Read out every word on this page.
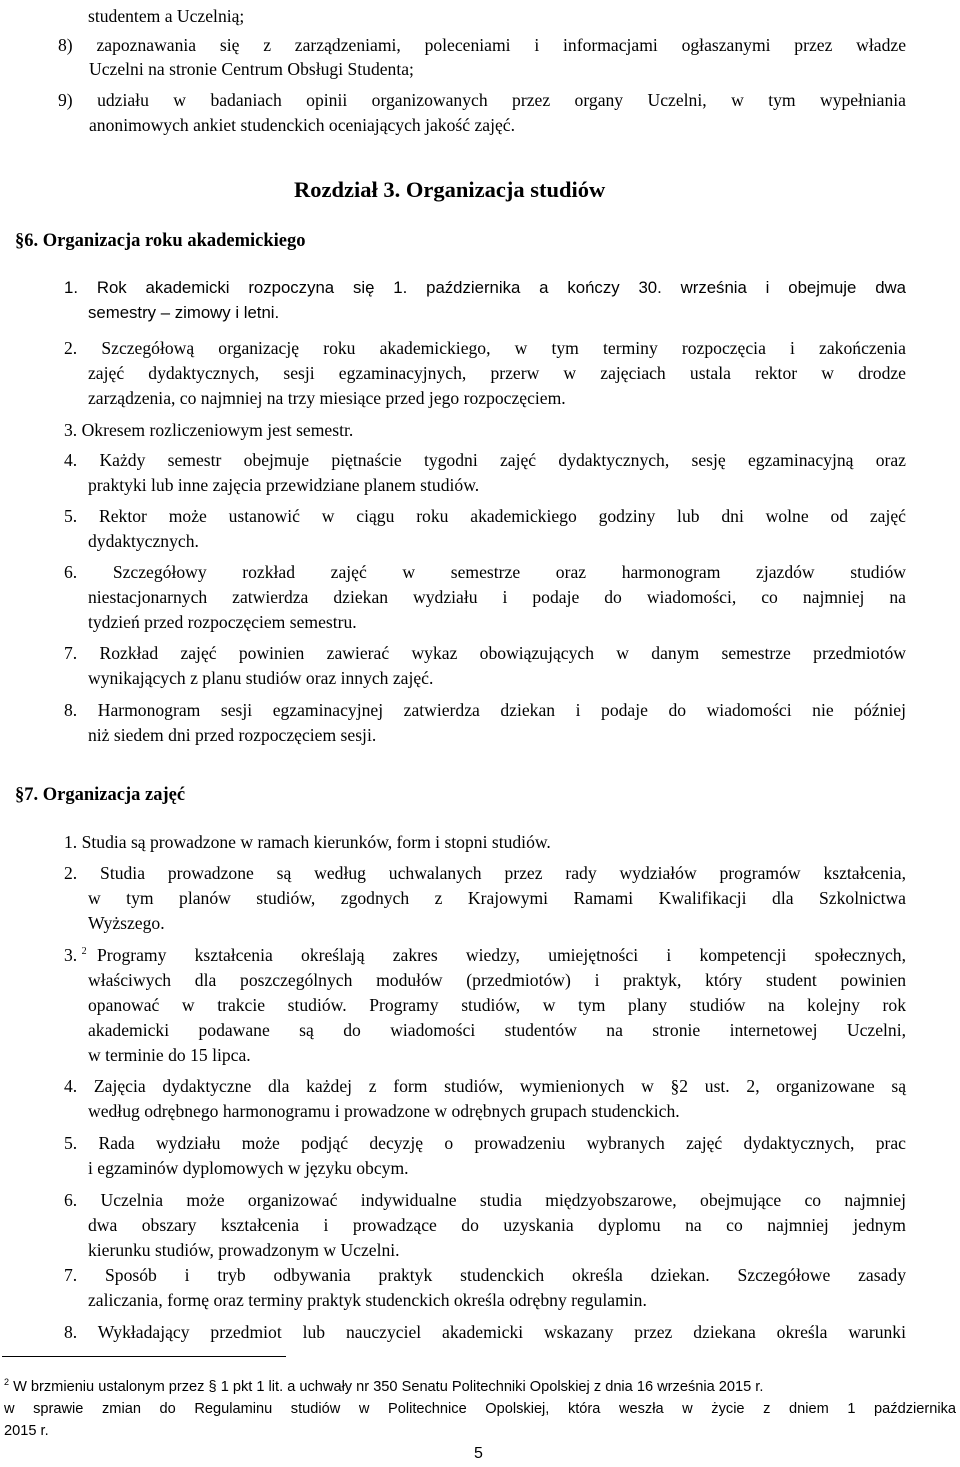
studentem a Uczelnią;
8) zapoznawania się z zarządzeniami, poleceniami i informacjami ogłaszanymi przez władze
Uczelni na stronie Centrum Obsługi Studenta;
9) udziału w badaniach opinii organizowanych przez organy Uczelni, w tym wypełniania
anonimowych ankiet studenckich oceniających jakość zajęć.
Rozdział 3. Organizacja studiów
§6. Organizacja roku akademickiego
1. Rok akademicki rozpoczyna się 1. października a kończy 30. września i obejmuje dwa
semestry – zimowy i letni.
2. Szczegółową organizację roku akademickiego, w tym terminy rozpoczęcia i zakończenia
zajęć dydaktycznych, sesji egzaminacyjnych, przerw w zajęciach ustala rektor w drodze
zarządzenia, co najmniej na trzy miesiące przed jego rozpoczęciem.
3. Okresem rozliczeniowym jest semestr.
4. Każdy semestr obejmuje piętnaście tygodni zajęć dydaktycznych, sesję egzaminacyjną oraz
praktyki lub inne zajęcia przewidziane planem studiów.
5. Rektor może ustanowić w ciągu roku akademickiego godziny lub dni wolne od zajęć
dydaktycznych.
6. Szczegółowy rozkład zajęć w semestrze oraz harmonogram zjazdów studiów
niestacjonarnych zatwierdza dziekan wydziału i podaje do wiadomości, co najmniej na
tydzień przed rozpoczęciem semestru.
7. Rozkład zajęć powinien zawierać wykaz obowiązujących w danym semestrze przedmiotów
wynikających z planu studiów oraz innych zajęć.
8. Harmonogram sesji egzaminacyjnej zatwierdza dziekan i podaje do wiadomości nie później
niż siedem dni przed rozpoczęciem sesji.
§7. Organizacja zajęć
1. Studia są prowadzone w ramach kierunków, form i stopni studiów.
2. Studia prowadzone są według uchwalanych przez rady wydziałów programów kształcenia,
w tym planów studiów, zgodnych z Krajowymi Ramami Kwalifikacji dla Szkolnictwa
Wyższego.
3. $^2$ Programy kształcenia określają zakres wiedzy, umiejętności i kompetencji społecznych,
właściwych dla poszczególnych modułów (przedmiotów) i praktyk, który student powinien
opanować w trakcie studiów. Programy studiów, w tym plany studiów na kolejny rok
akademicki podawane są do wiadomości studentów na stronie internetowej Uczelni,
w terminie do 15 lipca.
4. Zajęcia dydaktyczne dla każdej z form studiów, wymienionych w §2 ust. 2, organizowane są
według odrębnego harmonogramu i prowadzone w odrębnych grupach studenckich.
5. Rada wydziału może podjąć decyzję o prowadzeniu wybranych zajęć dydaktycznych, prac
i egzaminów dyplomowych w języku obcym.
6. Uczelnia może organizować indywidualne studia międzyobszarowe, obejmujące co najmniej
dwa obszary kształcenia i prowadzące do uzyskania dyplomu na co najmniej jednym
kierunku studiów, prowadzonym w Uczelni.
7. Sposób i tryb odbywania praktyk studenckich określa dziekan. Szczegółowe zasady
zaliczania, formę oraz terminy praktyk studenckich określa odrębny regulamin.
8. Wykładający przedmiot lub nauczyciel akademicki wskazany przez dziekana określa warunki
$^2$ W brzmieniu ustalonym przez § 1 pkt 1 lit. a uchwały nr 350 Senatu Politechniki Opolskiej z dnia 16 września 2015 r.
w sprawie zmian do Regulaminu studiów w Politechnice Opolskiej, która weszła w życie z dniem 1 października
2015 r.
5
